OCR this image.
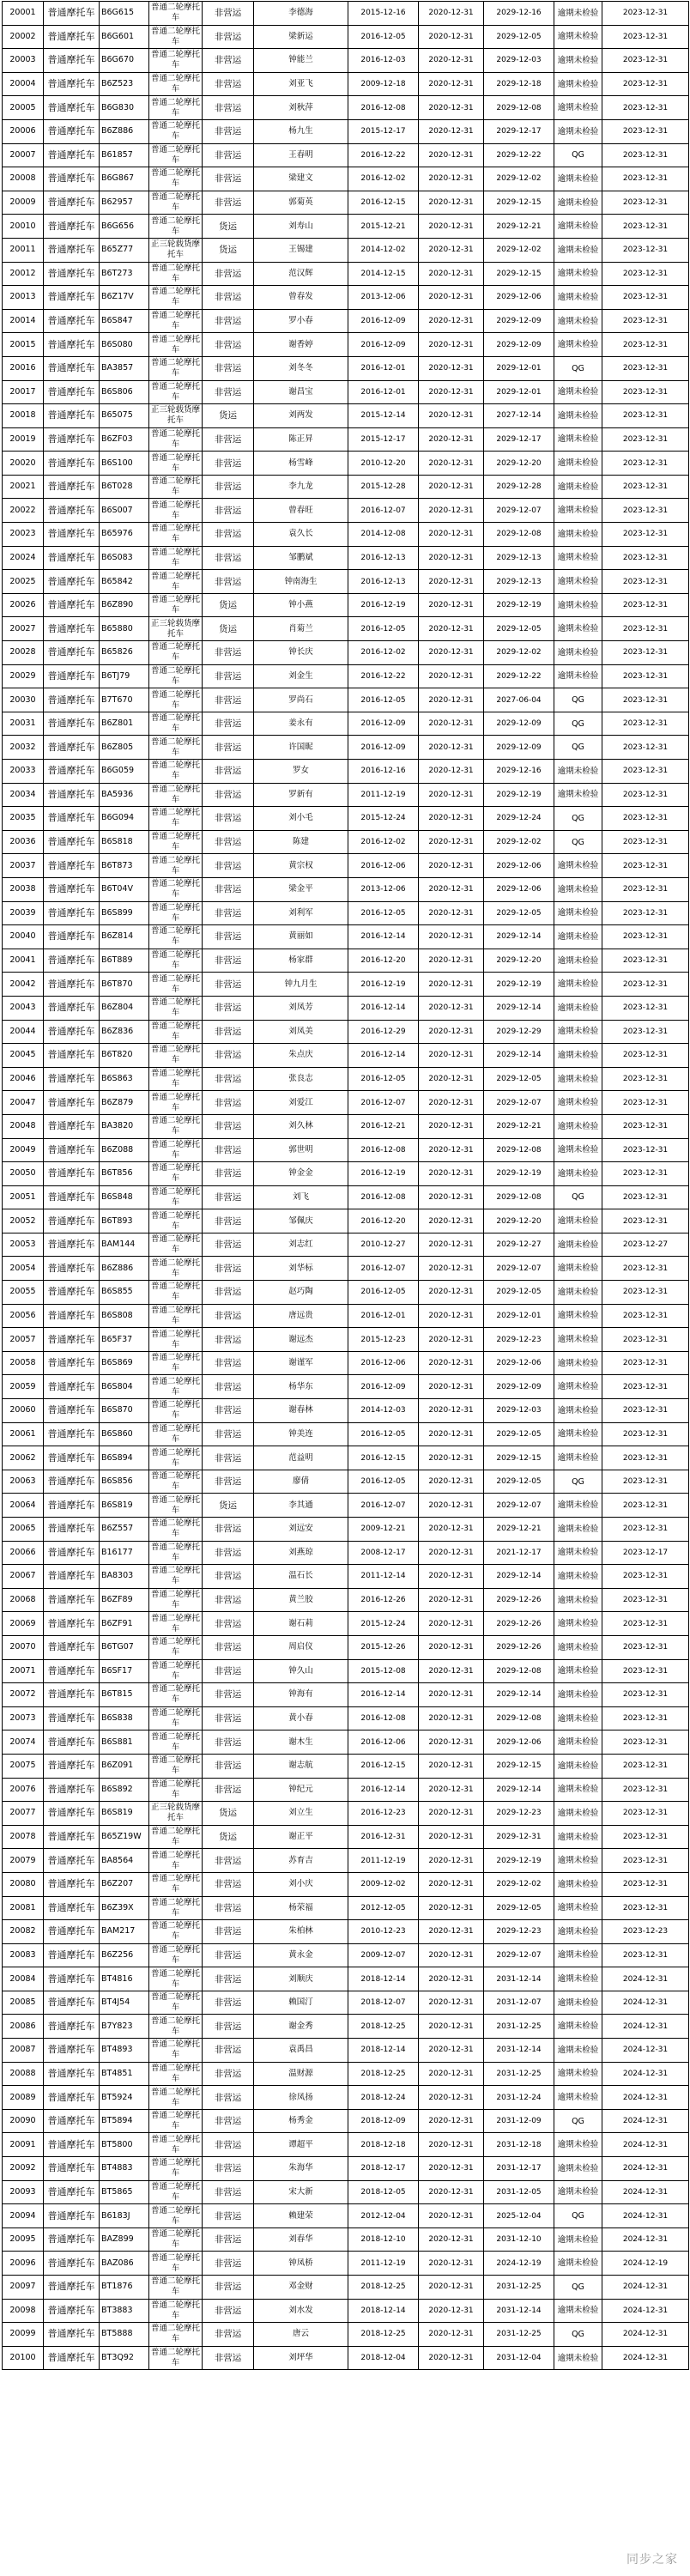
20001	普通摩托车	B6G615	普通二轮摩托车	非营运	李德海	2015-12-16	2020-12-31	2029-12-16	逾期未检验	2023-12-31
20002	普通摩托车	B6G601	普通二轮摩托车	非营运	梁新运	2016-12-05	2020-12-31	2029-12-05	逾期未检验	2023-12-31
20003	普通摩托车	B6G670	普通二轮摩托车	非营运	钟能兰	2016-12-03	2020-12-31	2029-12-03	逾期未检验	2023-12-31
20004	普通摩托车	B6Z523	普通二轮摩托车	非营运	刘亚飞	2009-12-18	2020-12-31	2029-12-18	逾期未检验	2023-12-31
20005	普通摩托车	B6G830	普通二轮摩托车	非营运	刘秋萍	2016-12-08	2020-12-31	2029-12-08	逾期未检验	2023-12-31
20006	普通摩托车	B6Z886	普通二轮摩托车	非营运	杨九生	2015-12-17	2020-12-31	2029-12-17	逾期未检验	2023-12-31
20007	普通摩托车	B61857	普通二轮摩托车	非营运	王春明	2016-12-22	2020-12-31	2029-12-22	QG	2023-12-31
20008	普通摩托车	B6G867	普通二轮摩托车	非营运	梁建文	2016-12-02	2020-12-31	2029-12-02	逾期未检验	2023-12-31
20009	普通摩托车	B62957	普通二轮摩托车	非营运	郭菊英	2016-12-15	2020-12-31	2029-12-15	逾期未检验	2023-12-31
20010	普通摩托车	B6G656	普通二轮摩托车	货运	刘寿山	2015-12-21	2020-12-31	2029-12-21	逾期未检验	2023-12-31
20011	普通摩托车	B65Z77	正三轮载货摩托车	货运	王锡建	2014-12-02	2020-12-31	2029-12-02	逾期未检验	2023-12-31
20012	普通摩托车	B6T273	普通二轮摩托车	非营运	范汉辉	2014-12-15	2020-12-31	2029-12-15	逾期未检验	2023-12-31
20013	普通摩托车	B6Z17V	普通二轮摩托车	非营运	曾春发	2013-12-06	2020-12-31	2029-12-06	逾期未检验	2023-12-31
20014	普通摩托车	B6S847	普通二轮摩托车	非营运	罗小春	2016-12-09	2020-12-31	2029-12-09	逾期未检验	2023-12-31
20015	普通摩托车	B6S080	普通二轮摩托车	非营运	谢香婷	2016-12-09	2020-12-31	2029-12-09	逾期未检验	2023-12-31
20016	普通摩托车	BA3857	普通二轮摩托车	非营运	刘冬冬	2016-12-01	2020-12-31	2029-12-01	QG	2023-12-31
20017	普通摩托车	B6S806	普通二轮摩托车	非营运	谢昌宝	2016-12-01	2020-12-31	2029-12-01	逾期未检验	2023-12-31
20018	普通摩托车	B65075	正三轮载货摩托车	货运	刘两发	2015-12-14	2020-12-31	2027-12-14	逾期未检验	2023-12-31
20019	普通摩托车	B6ZF03	普通二轮摩托车	非营运	陈正昇	2015-12-17	2020-12-31	2029-12-17	逾期未检验	2023-12-31
20020	普通摩托车	B6S100	普通二轮摩托车	非营运	杨雪峰	2010-12-20	2020-12-31	2029-12-20	逾期未检验	2023-12-31
20021	普通摩托车	B6T028	普通二轮摩托车	非营运	李九龙	2015-12-28	2020-12-31	2029-12-28	逾期未检验	2023-12-31
20022	普通摩托车	B6S007	普通二轮摩托车	非营运	曾春旺	2016-12-07	2020-12-31	2029-12-07	逾期未检验	2023-12-31
20023	普通摩托车	B65976	普通二轮摩托车	非营运	袁久长	2014-12-08	2020-12-31	2029-12-08	逾期未检验	2023-12-31
20024	普通摩托车	B6S083	普通二轮摩托车	非营运	邹鹏斌	2016-12-13	2020-12-31	2029-12-13	逾期未检验	2023-12-31
20025	普通摩托车	B65842	普通二轮摩托车	非营运	钟南海生	2016-12-13	2020-12-31	2029-12-13	逾期未检验	2023-12-31
20026	普通摩托车	B6Z890	普通二轮摩托车	货运	钟小燕	2016-12-19	2020-12-31	2029-12-19	逾期未检验	2023-12-31
20027	普通摩托车	B65880	正三轮载货摩托车	货运	肖菊兰	2016-12-05	2020-12-31	2029-12-05	逾期未检验	2023-12-31
20028	普通摩托车	B65826	普通二轮摩托车	非营运	钟长庆	2016-12-02	2020-12-31	2029-12-02	逾期未检验	2023-12-31
20029	普通摩托车	B6TJ79	普通二轮摩托车	非营运	刘金生	2016-12-22	2020-12-31	2029-12-22	逾期未检验	2023-12-31
20030	普通摩托车	B7T670	普通二轮摩托车	非营运	罗尚石	2016-12-05	2020-12-31	2027-06-04	QG	2023-12-31
20031	普通摩托车	B6Z801	普通二轮摩托车	非营运	姜永有	2016-12-09	2020-12-31	2029-12-09	QG	2023-12-31
20032	普通摩托车	B6Z805	普通二轮摩托车	非营运	许国昵	2016-12-09	2020-12-31	2029-12-09	QG	2023-12-31
20033	普通摩托车	B6G059	普通二轮摩托车	非营运	罗女	2016-12-16	2020-12-31	2029-12-16	逾期未检验	2023-12-31
20034	普通摩托车	BA5936	普通二轮摩托车	非营运	罗新有	2011-12-19	2020-12-31	2029-12-19	逾期未检验	2023-12-31
20035	普通摩托车	B6G094	普通二轮摩托车	非营运	刘小毛	2015-12-24	2020-12-31	2029-12-24	QG	2023-12-31
20036	普通摩托车	B6S818	普通二轮摩托车	非营运	陈建	2016-12-02	2020-12-31	2029-12-02	QG	2023-12-31
20037	普通摩托车	B6T873	普通二轮摩托车	非营运	黄宗权	2016-12-06	2020-12-31	2029-12-06	逾期未检验	2023-12-31
20038	普通摩托车	B6T04V	普通二轮摩托车	非营运	梁金平	2013-12-06	2020-12-31	2029-12-06	逾期未检验	2023-12-31
20039	普通摩托车	B6S899	普通二轮摩托车	非营运	刘利军	2016-12-05	2020-12-31	2029-12-05	逾期未检验	2023-12-31
20040	普通摩托车	B6Z814	普通二轮摩托车	非营运	黄丽如	2016-12-14	2020-12-31	2029-12-14	逾期未检验	2023-12-31
20041	普通摩托车	B6T889	普通二轮摩托车	非营运	杨家群	2016-12-20	2020-12-31	2029-12-20	逾期未检验	2023-12-31
20042	普通摩托车	B6T870	普通二轮摩托车	非营运	钟九月生	2016-12-19	2020-12-31	2029-12-19	逾期未检验	2023-12-31
20043	普通摩托车	B6Z804	普通二轮摩托车	非营运	刘凤芳	2016-12-14	2020-12-31	2029-12-14	逾期未检验	2023-12-31
20044	普通摩托车	B6Z836	普通二轮摩托车	非营运	刘凤美	2016-12-29	2020-12-31	2029-12-29	逾期未检验	2023-12-31
20045	普通摩托车	B6T820	普通二轮摩托车	非营运	朱点庆	2016-12-14	2020-12-31	2029-12-14	逾期未检验	2023-12-31
20046	普通摩托车	B6S863	普通二轮摩托车	非营运	张良志	2016-12-05	2020-12-31	2029-12-05	逾期未检验	2023-12-31
20047	普通摩托车	B6Z879	普通二轮摩托车	非营运	刘爱江	2016-12-07	2020-12-31	2029-12-07	逾期未检验	2023-12-31
20048	普通摩托车	BA3820	普通二轮摩托车	非营运	刘久林	2016-12-21	2020-12-31	2029-12-21	逾期未检验	2023-12-31
20049	普通摩托车	B6Z088	普通二轮摩托车	非营运	郭世明	2016-12-08	2020-12-31	2029-12-08	逾期未检验	2023-12-31
20050	普通摩托车	B6T856	普通二轮摩托车	非营运	钟金金	2016-12-19	2020-12-31	2029-12-19	逾期未检验	2023-12-31
20051	普通摩托车	B6S848	普通二轮摩托车	非营运	刘飞	2016-12-08	2020-12-31	2029-12-08	QG	2023-12-31
20052	普通摩托车	B6T893	普通二轮摩托车	非营运	邹佩庆	2016-12-20	2020-12-31	2029-12-20	逾期未检验	2023-12-31
20053	普通摩托车	BAM144	普通二轮摩托车	非营运	刘志红	2010-12-27	2020-12-31	2029-12-27	逾期未检验	2023-12-27
20054	普通摩托车	B6Z886	普通二轮摩托车	非营运	刘华标	2016-12-07	2020-12-31	2029-12-07	逾期未检验	2023-12-31
20055	普通摩托车	B6S855	普通二轮摩托车	非营运	赵巧陶	2016-12-05	2020-12-31	2029-12-05	逾期未检验	2023-12-31
20056	普通摩托车	B6S808	普通二轮摩托车	非营运	唐远贵	2016-12-01	2020-12-31	2029-12-01	逾期未检验	2023-12-31
20057	普通摩托车	B65F37	普通二轮摩托车	非营运	谢远杰	2015-12-23	2020-12-31	2029-12-23	逾期未检验	2023-12-31
20058	普通摩托车	B6S869	普通二轮摩托车	非营运	谢谨军	2016-12-06	2020-12-31	2029-12-06	逾期未检验	2023-12-31
20059	普通摩托车	B6S804	普通二轮摩托车	非营运	杨华东	2016-12-09	2020-12-31	2029-12-09	逾期未检验	2023-12-31
20060	普通摩托车	B6S870	普通二轮摩托车	非营运	谢春林	2014-12-03	2020-12-31	2029-12-03	逾期未检验	2023-12-31
20061	普通摩托车	B6S860	普通二轮摩托车	非营运	钟美连	2016-12-05	2020-12-31	2029-12-05	逾期未检验	2023-12-31
20062	普通摩托车	B6S894	普通二轮摩托车	非营运	范益明	2016-12-15	2020-12-31	2029-12-15	逾期未检验	2023-12-31
20063	普通摩托车	B6S856	普通二轮摩托车	非营运	廖倩	2016-12-05	2020-12-31	2029-12-05	QG	2023-12-31
20064	普通摩托车	B6S819	普通二轮摩托车	货运	李其通	2016-12-07	2020-12-31	2029-12-07	逾期未检验	2023-12-31
20065	普通摩托车	B6Z557	普通二轮摩托车	非营运	刘远安	2009-12-21	2020-12-31	2029-12-21	逾期未检验	2023-12-31
20066	普通摩托车	B16177	普通二轮摩托车	非营运	刘燕琼	2008-12-17	2020-12-31	2021-12-17	逾期未检验	2023-12-17
20067	普通摩托车	BA8303	普通二轮摩托车	非营运	温石长	2011-12-14	2020-12-31	2029-12-14	逾期未检验	2023-12-31
20068	普通摩托车	B6ZF89	普通二轮摩托车	非营运	黄兰胶	2016-12-26	2020-12-31	2029-12-26	逾期未检验	2023-12-31
20069	普通摩托车	B6ZF91	普通二轮摩托车	非营运	谢石莉	2015-12-24	2020-12-31	2029-12-26	逾期未检验	2023-12-31
20070	普通摩托车	B6TG07	普通二轮摩托车	非营运	周启仪	2015-12-26	2020-12-31	2029-12-26	逾期未检验	2023-12-31
20071	普通摩托车	B6SF17	普通二轮摩托车	非营运	钟久山	2015-12-08	2020-12-31	2029-12-08	逾期未检验	2023-12-31
20072	普通摩托车	B6T815	普通二轮摩托车	非营运	钟海有	2016-12-14	2020-12-31	2029-12-14	逾期未检验	2023-12-31
20073	普通摩托车	B6S838	普通二轮摩托车	非营运	黄小春	2016-12-08	2020-12-31	2029-12-08	逾期未检验	2023-12-31
20074	普通摩托车	B6S881	普通二轮摩托车	非营运	谢木生	2016-12-06	2020-12-31	2029-12-06	逾期未检验	2023-12-31
20075	普通摩托车	B6Z091	普通二轮摩托车	非营运	谢志航	2016-12-15	2020-12-31	2029-12-15	逾期未检验	2023-12-31
20076	普通摩托车	B6S892	普通二轮摩托车	非营运	钟纪元	2016-12-14	2020-12-31	2029-12-14	逾期未检验	2023-12-31
20077	普通摩托车	B6S819	正三轮载货摩托车	货运	刘立生	2016-12-23	2020-12-31	2029-12-23	逾期未检验	2023-12-31
20078	普通摩托车	B65Z19W	普通二轮摩托车	货运	谢正平	2016-12-31	2020-12-31	2029-12-31	逾期未检验	2023-12-31
20079	普通摩托车	BA8564	普通二轮摩托车	非营运	苏育吉	2011-12-19	2020-12-31	2029-12-19	逾期未检验	2023-12-31
20080	普通摩托车	B6Z207	普通二轮摩托车	非营运	刘小庆	2009-12-02	2020-12-31	2029-12-02	逾期未检验	2023-12-31
20081	普通摩托车	B6Z39X	普通二轮摩托车	非营运	杨荣福	2012-12-05	2020-12-31	2029-12-05	逾期未检验	2023-12-31
20082	普通摩托车	BAM217	普通二轮摩托车	非营运	朱柏林	2010-12-23	2020-12-31	2029-12-23	逾期未检验	2023-12-23
20083	普通摩托车	B6Z256	普通二轮摩托车	非营运	黄永金	2009-12-07	2020-12-31	2029-12-07	逾期未检验	2023-12-31
20084	普通摩托车	BT4816	普通二轮摩托车	非营运	刘顺庆	2018-12-14	2020-12-31	2031-12-14	逾期未检验	2024-12-31
20085	普通摩托车	BT4J54	普通二轮摩托车	非营运	赖国汀	2018-12-07	2020-12-31	2031-12-07	逾期未检验	2024-12-31
20086	普通摩托车	B7Y823	普通二轮摩托车	非营运	谢金秀	2018-12-25	2020-12-31	2031-12-25	逾期未检验	2024-12-31
20087	普通摩托车	BT4893	普通二轮摩托车	非营运	袁禹昌	2018-12-14	2020-12-31	2031-12-14	逾期未检验	2024-12-31
20088	普通摩托车	BT4851	普通二轮摩托车	非营运	温财源	2018-12-25	2020-12-31	2031-12-25	逾期未检验	2024-12-31
20089	普通摩托车	BT5924	普通二轮摩托车	非营运	徐凤扬	2018-12-24	2020-12-31	2031-12-24	逾期未检验	2024-12-31
20090	普通摩托车	BT5894	普通二轮摩托车	非营运	杨秀金	2018-12-09	2020-12-31	2031-12-09	QG	2024-12-31
20091	普通摩托车	BT5800	普通二轮摩托车	非营运	谭超平	2018-12-18	2020-12-31	2031-12-18	逾期未检验	2024-12-31
20092	普通摩托车	BT4883	普通二轮摩托车	非营运	朱海华	2018-12-17	2020-12-31	2031-12-17	逾期未检验	2024-12-31
20093	普通摩托车	BT5865	普通二轮摩托车	非营运	宋大新	2018-12-05	2020-12-31	2031-12-05	逾期未检验	2024-12-31
20094	普通摩托车	B6183J	普通二轮摩托车	非营运	赖建荣	2012-12-04	2020-12-31	2025-12-04	QG	2024-12-31
20095	普通摩托车	BAZ899	普通二轮摩托车	非营运	刘春华	2018-12-10	2020-12-31	2031-12-10	逾期未检验	2024-12-31
20096	普通摩托车	BAZ086	普通二轮摩托车	非营运	钟凤桥	2011-12-19	2020-12-31	2024-12-19	逾期未检验	2024-12-19
20097	普通摩托车	BT1876	普通二轮摩托车	非营运	邓金财	2018-12-25	2020-12-31	2031-12-25	QG	2024-12-31
20098	普通摩托车	BT3883	普通二轮摩托车	非营运	刘水发	2018-12-14	2020-12-31	2031-12-14	逾期未检验	2024-12-31
20099	普通摩托车	BT5888	普通二轮摩托车	非营运	唐云	2018-12-25	2020-12-31	2031-12-25	QG	2024-12-31
20100	普通摩托车	BT3Q92	普通二轮摩托车	非营运	刘坪华	2018-12-04	2020-12-31	2031-12-04	逾期未检验	2024-12-31
同步之家
